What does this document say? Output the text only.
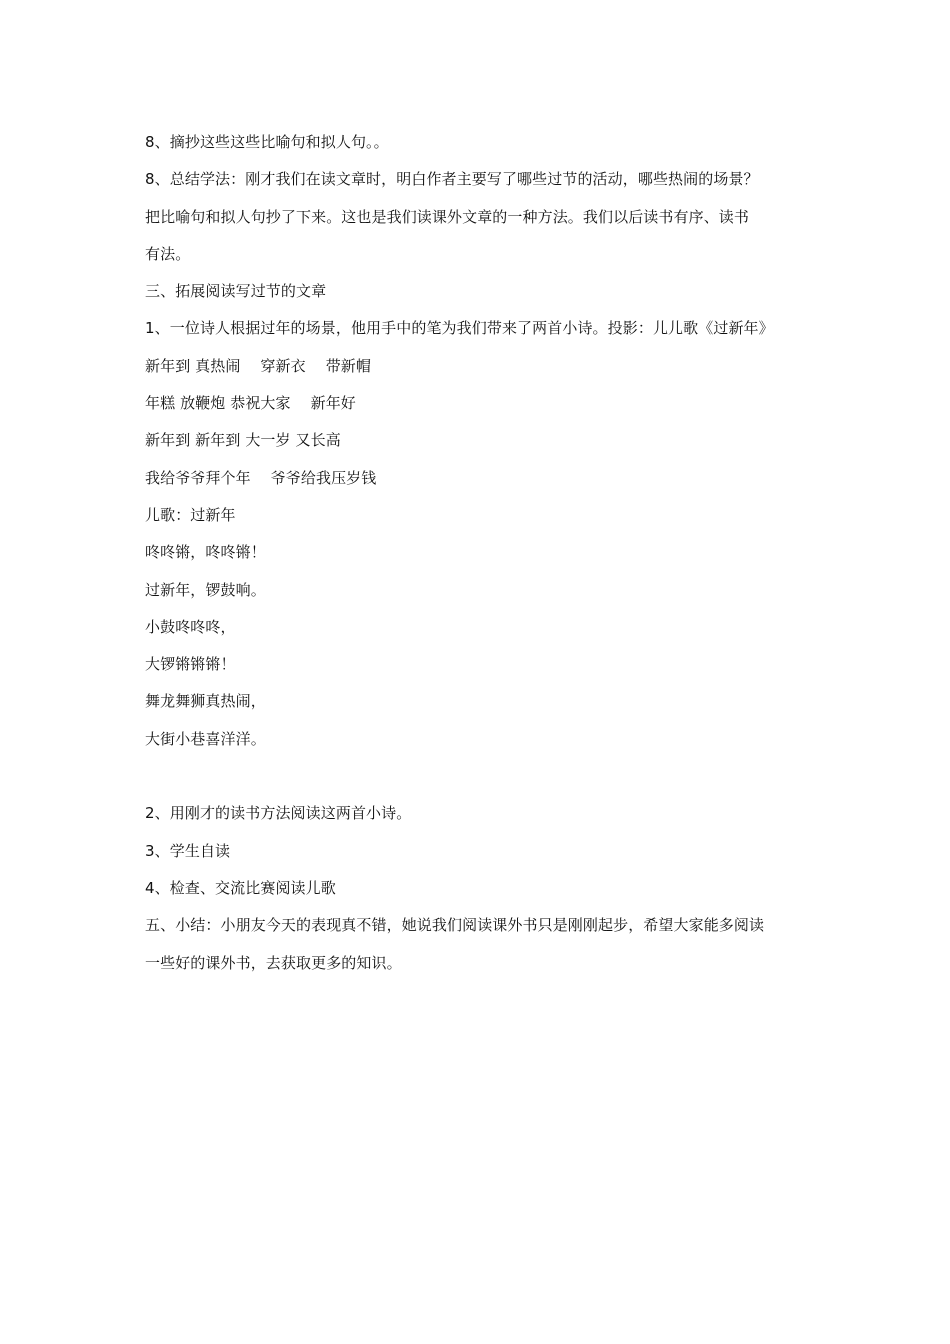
8、摘抄这些这些比喻句和拟人句。。
8、总结学法：刚才我们在读文章时，明白作者主要写了哪些过节的活动，哪些热闹的场景？
把比喻句和拟人句抄了下来。这也是我们读课外文章的一种方法。我们以后读书有序、读书
有法。
三、拓展阅读写过节的文章
1、一位诗人根据过年的场景，他用手中的笔为我们带来了两首小诗。投影：儿儿歌《过新年》
新年到 真热闹　 穿新衣　 带新帽
年糕 放鞭炮 恭祝大家　 新年好
新年到 新年到 大一岁 又长高
我给爷爷拜个年　 爷爷给我压岁钱
儿歌：过新年
咚咚锵，咚咚锵！
过新年，锣鼓响。
小鼓咚咚咚，
大锣锵锵锵！
舞龙舞狮真热闹，
大街小巷喜洋洋。
2、用刚才的读书方法阅读这两首小诗。
3、学生自读
4、检查、交流比赛阅读儿歌
五、小结：小朋友今天的表现真不错，她说我们阅读课外书只是刚刚起步，希望大家能多阅读
一些好的课外书，去获取更多的知识。
